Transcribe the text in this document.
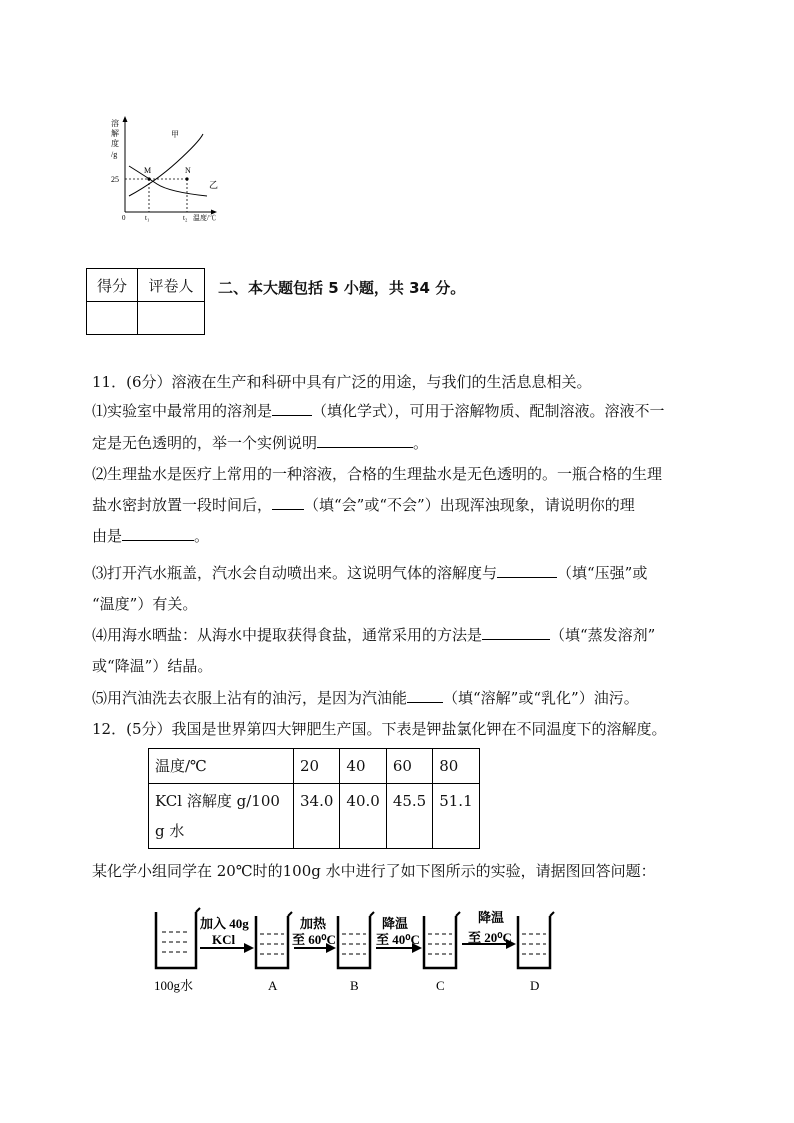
溶
解
度
/g
25
0
M	N
甲
乙
t₁	t₂ 温度/℃
得分	评卷人
	二、本大题包括 5 小题，共 34 分。
11．(6分）溶液在生产和科研中具有广泛的用途，与我们的生活息息相关。
⑴实验室中最常用的溶剂是	（填化学式），可用于溶解物质、配制溶液。溶液不一
定是无色透明的，举一个实例说明	。
⑵生理盐水是医疗上常用的一种溶液，合格的生理盐水是无色透明的。一瓶合格的生理
盐水密封放置一段时间后， （填“会”或“不会”）出现浑浊现象，请说明你的理
由是	。
⑶打开汽水瓶盖，汽水会自动喷出来。这说明气体的溶解度与	（填“压强”或
“温度”）有关。
⑷用海水晒盐：从海水中提取获得食盐，通常采用的方法是	（填“蒸发溶剂”
或“降温”）结晶。
⑸用汽油洗去衣服上沾有的油污，是因为汽油能 （填“溶解”或“乳化”）油污。
12．(5分）我国是世界第四大钾肥生产国。下表是钾盐氯化钾在不同温度下的溶解度。
温度/℃	20	40	60	80
KCl 溶解度 g/100g 水	34.0	40.0	45.5	51.1
某化学小组同学在 20℃时的100g 水中进行了如下图所示的实验，请据图回答问题：
加入 40g
KCl
加热
至 60⁰C
降温
至 40⁰C
降温
至 20⁰C
100g水	A	B	C	D
